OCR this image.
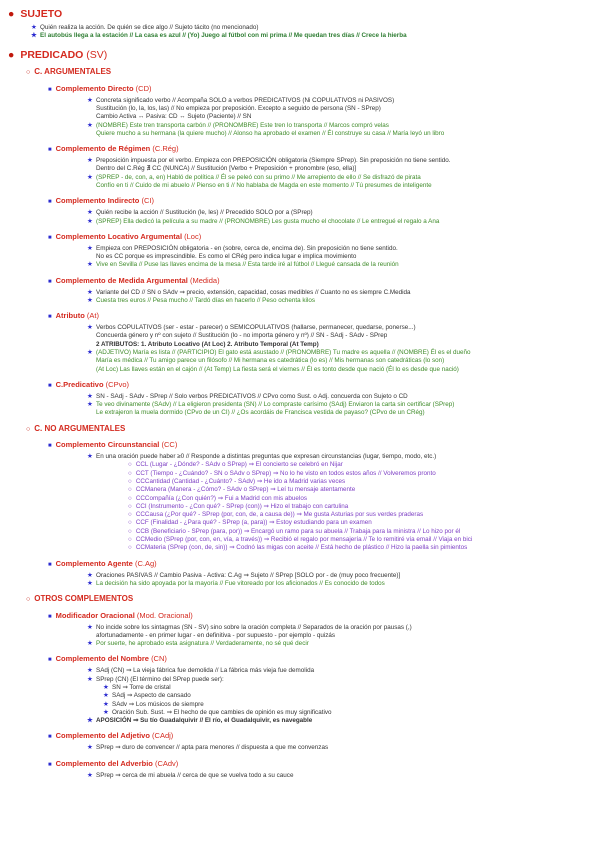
● SUJETO
★ Quién realiza la acción. De quién se dice algo // Sujeto tácito (no mencionado)
★ El autobús llega a la estación // La casa es azul // (Yo) Juego al fútbol con mi prima // Me quedan tres días // Crece la hierba
● PREDICADO (SV)
○ C. ARGUMENTALES
■ Complemento Directo (CD)
★ Concreta significado verbo // Acompaña SOLO a verbos PREDICATIVOS (Ni COPULATIVOS ni PASIVOS)
Sustitución (lo, la, los, las) // No empieza por preposición. Excepto a seguido de persona (SN - SPrep)
Cambio Activa ↔ Pasiva: CD ↔ Sujeto (Paciente) // SN
★ (NOMBRE) Este tren transporta carbón // (PRONOMBRE) Este tren lo transporta // Marcos compró velas
Quiere mucho a su hermana (la quiere mucho) // Alonso ha aprobado el examen // Él construye su casa // María leyó un libro
■ Complemento de Régimen (C.Rég)
★ Preposición impuesta por el verbo. Empieza con PREPOSICIÓN obligatoria (Siempre SPrep). Sin preposición no tiene sentido.
Dentro del C.Rég ∄ CC (NUNCA) // Sustitución [Verbo + Preposición + pronombre (eso, ella)]
★ (SPREP - de, con, a, en) Habló de política // Él se peleó con su primo // Me arrepiento de ello // Se disfrazó de pirata
Confío en ti // Cuido de mi abuelo // Pienso en ti // No hablaba de Magda en este momento // Tú presumes de inteligente
■ Complemento Indirecto (CI)
★ Quién recibe la acción // Sustitución (le, les) // Precedido SOLO por a (SPrep)
★ (SPREP) Ella dedicó la película a su madre // (PRONOMBRE) Les gusta mucho el chocolate // Le entregué el regalo a Ana
■ Complemento Locativo Argumental (Loc)
★ Empieza con PREPOSICIÓN obligatoria - en (sobre, cerca de, encima de). Sin preposición no tiene sentido.
No es CC porque es imprescindible. Es como el CRég pero indica lugar e implica movimiento
★ Vive en Sevilla // Puse las llaves encima de la mesa // Esta tarde iré al fútbol // Llegué cansada de la reunión
■ Complemento de Medida Argumental (Medida)
★ Variante del CD // SN o SAdv ⇒ precio, extensión, capacidad, cosas medibles // Cuanto no es siempre C.Medida
★ Cuesta tres euros // Pesa mucho // Tardó días en hacerlo // Peso ochenta kilos
■ Atributo (At)
★ Verbos COPULATIVOS (ser - estar - parecer) o SEMICOPULATIVOS (hallarse, permanecer, quedarse, ponerse...)
Concuerda género y nº con sujeto // Sustitución (lo - no importa género y nº) // SN - SAdj - SAdv - SPrep
2 ATRIBUTOS: 1. Atributo Locativo (At Loc) 2. Atributo Temporal (At Temp)
★ (ADJETIVO) María es lista // (PARTICIPIO) El gato está asustado // (PRONOMBRE) Tu madre es aquella // (NOMBRE) Él es el dueño
María es médica // Tu amigo parece un filósofo // Mi hermana es catedrática (lo es) // Mis hermanas son catedráticas (lo son)
(At Loc) Las llaves están en el cajón // (At Temp) La fiesta será el viernes // Él es tonto desde que nació (Él lo es desde que nació)
■ C.Predicativo (CPvo)
★ SN - SAdj - SAdv - SPrep // Solo verbos PREDICATIVOS // CPvo como Sust. o Adj. concuerda con Sujeto o CD
★ Te veo divinamente (SAdv) // La eligieron presidenta (SN) // Lo compraste carísimo (SAdj) Enviaron la carta sin certificar (SPrep)
Le extrajeron la muela dormido (CPvo de un CI) // ¿Os acordáis de Francisca vestida de payaso? (CPvo de un CRég)
○ C. NO ARGUMENTALES
■ Complemento Circunstancial (CC)
★ En una oración puede haber ≥0 // Responde a distintas preguntas que expresan circunstancias (lugar, tiempo, modo, etc.)
○ CCL (Lugar - ¿Dónde? - SAdv o SPrep) ⇒ El concierto se celebró en Nijar
○ CCT (Tiempo - ¿Cuándo? - SN o SAdv o SPrep) ⇒ No lo he visto en todos estos años // Volveremos pronto
○ CCCantidad (Cantidad - ¿Cuánto? - SAdv) ⇒ He ido a Madrid varias veces
○ CCManera (Manera - ¿Cómo? - SAdv o SPrep) ⇒ Leí tu mensaje atentamente
○ CCCompañía (¿Con quién?) ⇒ Fui a Madrid con mis abuelos
○ CCI (Instrumento - ¿Con qué? - SPrep (con)) ⇒ Hizo el trabajo con cartulina
○ CCCausa (¿Por qué? - SPrep (por, con, de, a causa de)) ⇒ Me gusta Asturias por sus verdes praderas
○ CCF (Finalidad - ¿Para qué? - SPrep (a, para)) ⇒ Estoy estudiando para un examen
○ CCB (Beneficiario - SPrep (para, por)) ⇒ Encargó un ramo para su abuela // Trabaja para la ministra // Lo hizo por él
○ CCMedio (SPrep (por, con, en, vía, a través)) ⇒ Recibió el regalo por mensajería // Te lo remitiré vía email // Viaja en bici
○ CCMateria (SPrep (con, de, sin)) ⇒ Codnó las migas con aceite // Está hecho de plástico // Hizo la paella sin pimientos
■ Complemento Agente (C.Ag)
★ Oraciones PASIVAS // Cambio Pasiva - Activa: C.Ag ⇒ Sujeto // SPrep [SOLO por - de (muy poco frecuente)]
★ La decisión ha sido apoyada por la mayoría // Fue vitoreado por los aficionados // Es conocido de todos
○ OTROS COMPLEMENTOS
■ Modificador Oracional (Mod. Oracional)
★ No incide sobre los sintagmas (SN - SV) sino sobre la oración completa // Separados de la oración por pausas (,)
afortunadamente - en primer lugar - en definitiva - por supuesto - por ejemplo - quizás
★ Por suerte, he aprobado esta asignatura // Verdaderamente, no sé qué decir
■ Complemento del Nombre (CN)
★ SAdj (CN) ⇒ La vieja fábrica fue demolida // La fábrica más vieja fue demolida
★ SPrep (CN) (El término del SPrep puede ser):
★ SN ⇒ Torre de cristal
★ SAdj ⇒ Aspecto de cansado
★ SAdv ⇒ Los músicos de siempre
★ Oración Sub. Sust. ⇒ El hecho de que cambies de opinión es muy significativo
★ APOSICIÓN ⇒ Su tío Guadalquivir // El río, el Guadalquivir, es navegable
■ Complemento del Adjetivo (CAdj)
★ SPrep ⇒ duro de convencer // apta para menores // dispuesta a que me convenzas
■ Complemento del Adverbio (CAdv)
★ SPrep ⇒ cerca de mi abuela // cerca de que se vuelva todo a su cauce
